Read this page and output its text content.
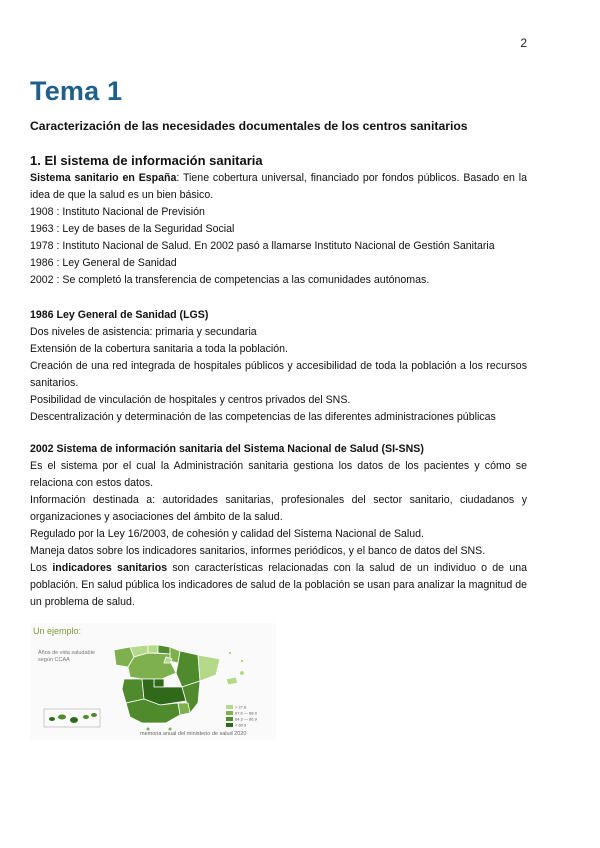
2
Tema 1
Caracterización de las necesidades documentales de los centros sanitarios
1. El sistema de información sanitaria

Sistema sanitario en España: Tiene cobertura universal, financiado por fondos públicos. Basado en la idea de que la salud es un bien básico.

1908 : Instituto Nacional de Previsión

1963 : Ley de bases de la Seguridad Social

1978 : Instituto Nacional de Salud. En 2002 pasó a llamarse Instituto Nacional de Gestión Sanitaria

1986 : Ley General de Sanidad

2002 : Se completó la transferencia de competencias a las comunidades autónomas.

1986 Ley General de Sanidad (LGS)

Dos niveles de asistencia: primaria y secundaria

Extensión de la cobertura sanitaria a toda la población.

Creación de una red integrada de hospitales públicos y accesibilidad de toda la población a los recursos sanitarios.

Posibilidad de vinculación de hospitales y centros privados del SNS.

Descentralización y determinación de las competencias de las diferentes administraciones públicas

2002 Sistema de información sanitaria del Sistema Nacional de Salud (SI-SNS)

Es el sistema por el cual la Administración sanitaria gestiona los datos de los pacientes y cómo se relaciona con estos datos.

Información destinada a: autoridades sanitarias, profesionales del sector sanitario, ciudadanos y organizaciones y asociaciones del ámbito de la salud.

Regulado por la Ley 16/2003, de cohesión y calidad del Sistema Nacional de Salud.

Maneja datos sobre los indicadores sanitarios, informes periódicos, y el banco de datos del SNS.

Los indicadores sanitarios son características relacionadas con la salud de un individuo o de una población. En salud pública los indicadores de salud de la población se usan para analizar la magnitud de un problema de salud.

Un ejemplo:
Años de vida saludable según CCAA
> 27.6
67.6 — 68.9
64.3 — 66.9
< 60.9
memoria anual del ministerio de salud 2020
